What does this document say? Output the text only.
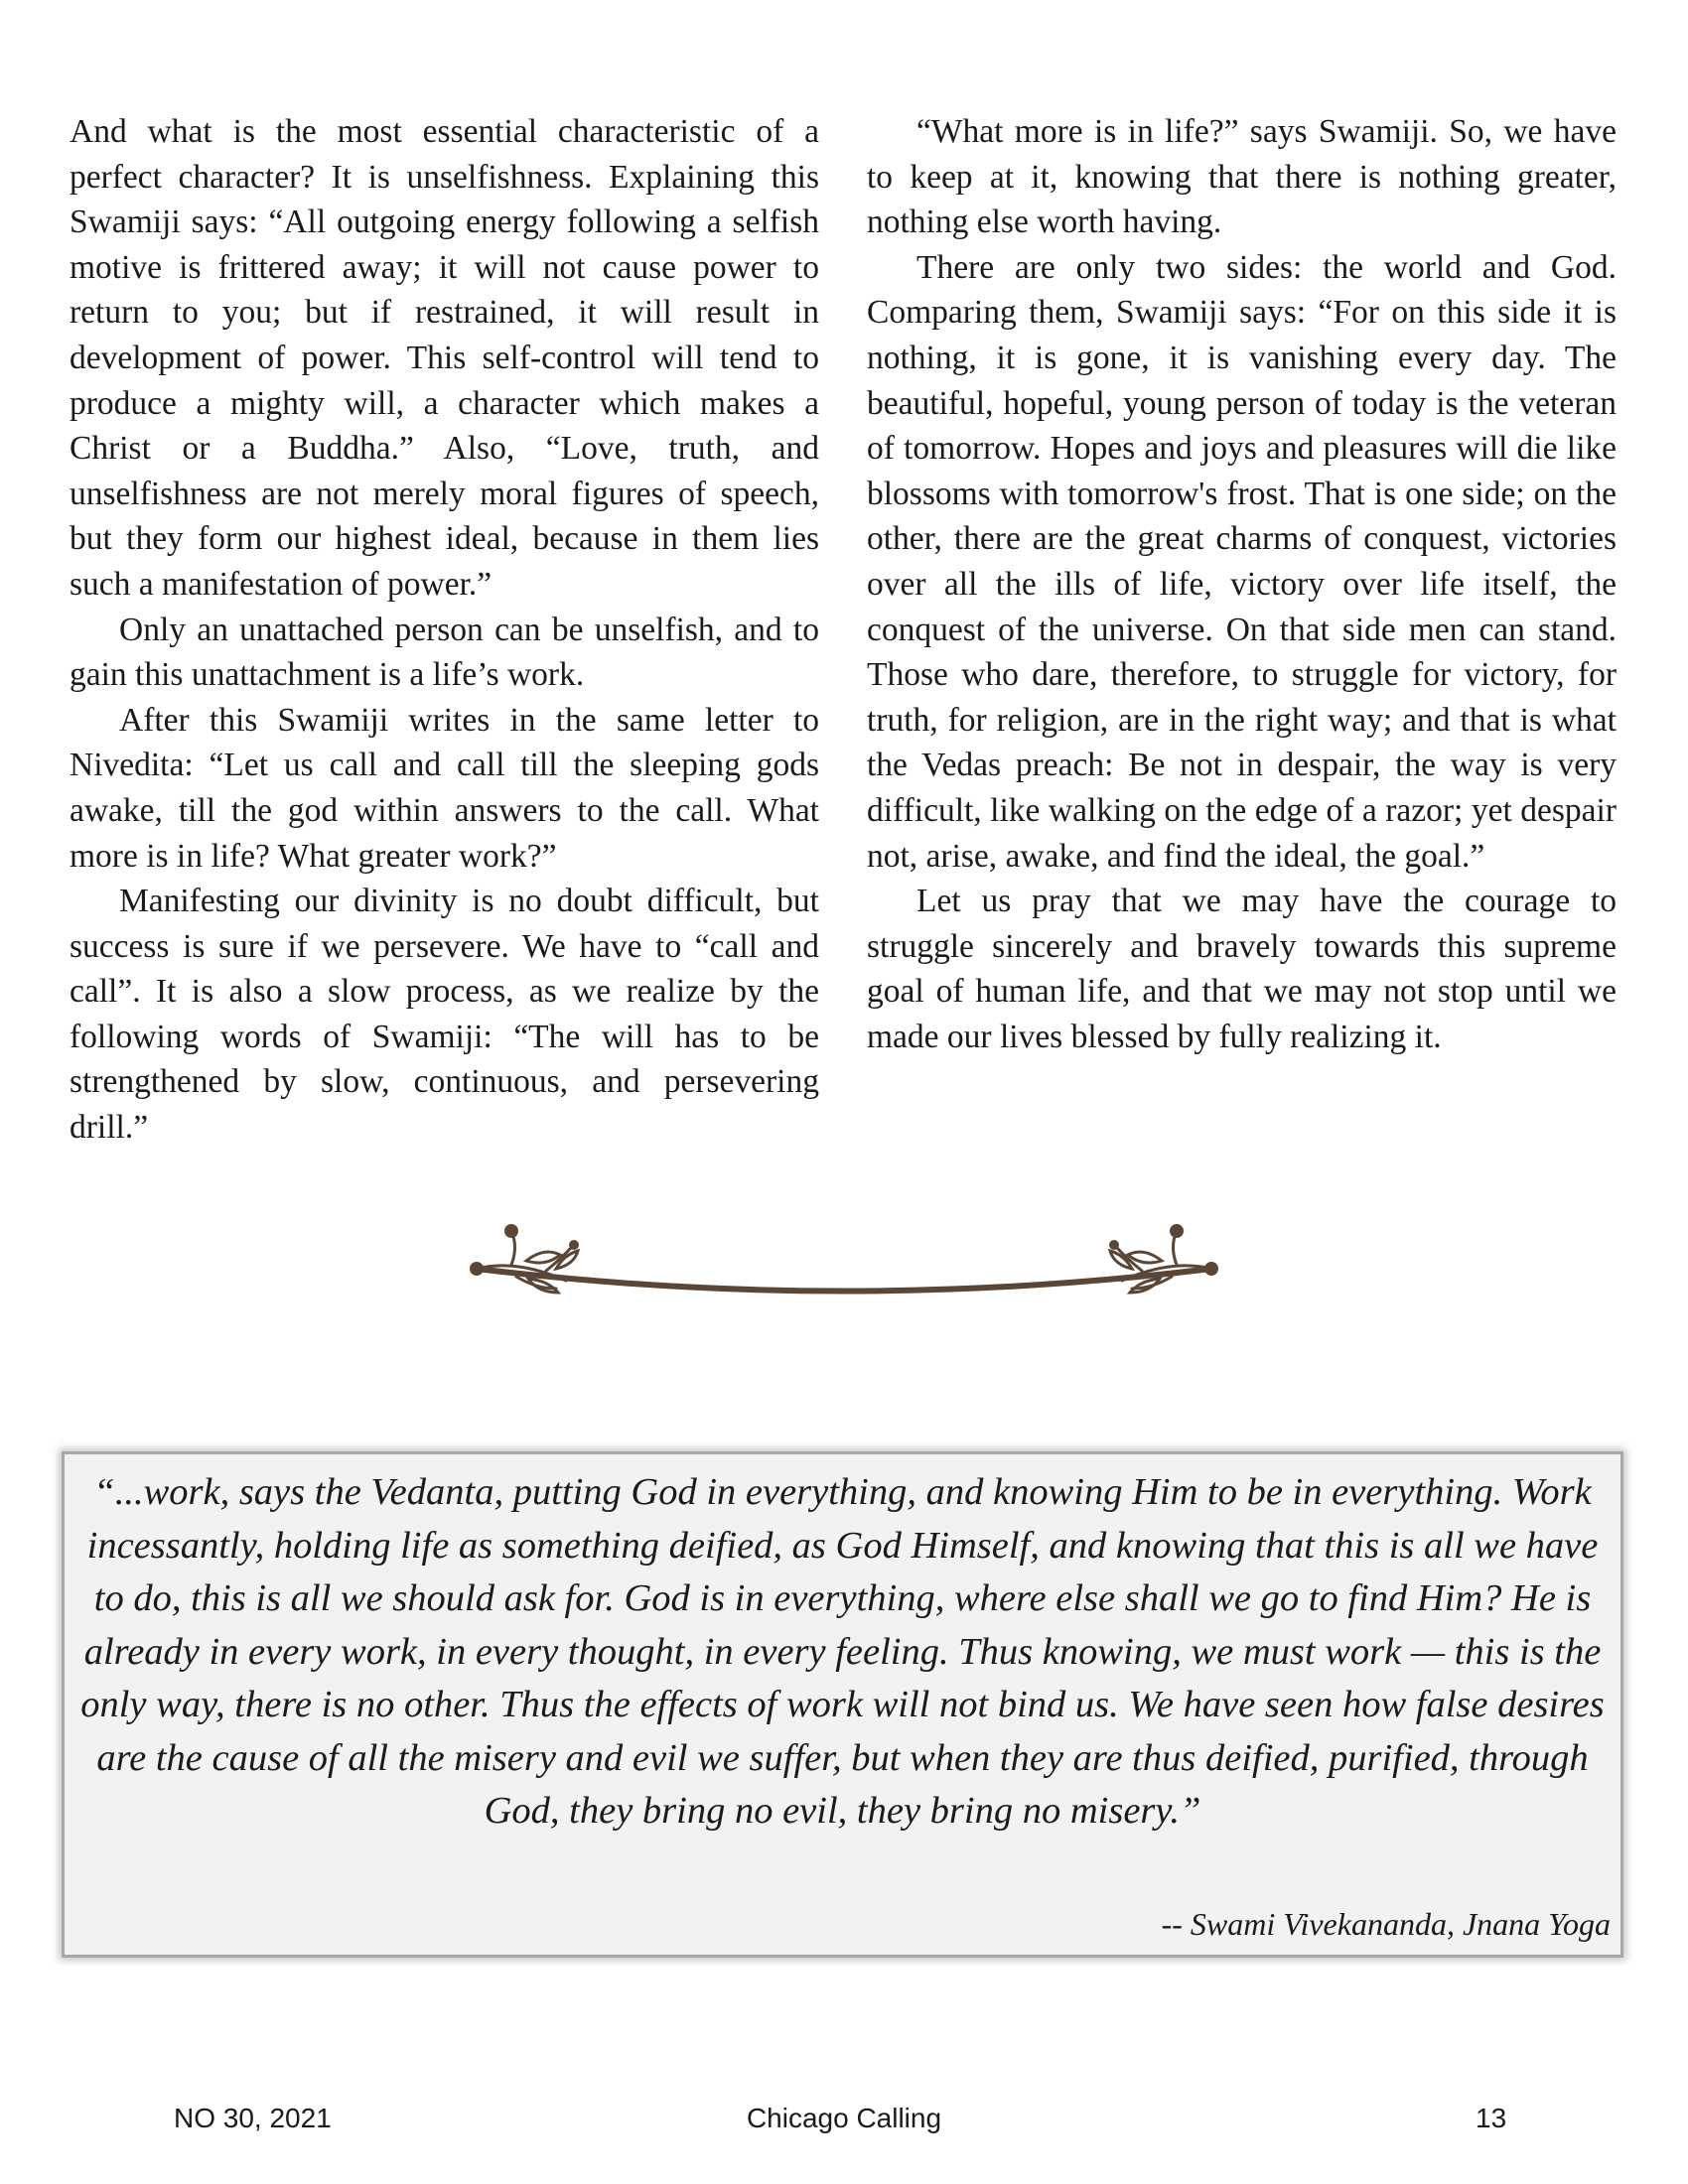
And what is the most essential characteristic of a perfect character? It is unselfishness. Explaining this Swamiji says: “All outgoing energy following a selfish motive is frittered away; it will not cause power to return to you; but if restrained, it will result in development of power. This self-control will tend to produce a mighty will, a character which makes a Christ or a Buddha.” Also, “Love, truth, and unselfishness are not merely moral figures of speech, but they form our highest ideal, because in them lies such a manifestation of power.”

Only an unattached person can be unselfish, and to gain this unattachment is a life’s work.

After this Swamiji writes in the same letter to Nivedita: “Let us call and call till the sleeping gods awake, till the god within answers to the call. What more is in life? What greater work?”

Manifesting our divinity is no doubt difficult, but success is sure if we persevere. We have to “call and call”. It is also a slow process, as we realize by the following words of Swamiji: “The will has to be strengthened by slow, continuous, and persevering drill.”

“What more is in life?” says Swamiji. So, we have to keep at it, knowing that there is nothing greater, nothing else worth having.

There are only two sides: the world and God. Comparing them, Swamiji says: “For on this side it is nothing, it is gone, it is vanishing every day. The beautiful, hopeful, young person of today is the veteran of tomorrow. Hopes and joys and pleasures will die like blossoms with tomorrow's frost. That is one side; on the other, there are the great charms of conquest, victories over all the ills of life, victory over life itself, the conquest of the universe. On that side men can stand. Those who dare, therefore, to struggle for victory, for truth, for religion, are in the right way; and that is what the Vedas preach: Be not in despair, the way is very difficult, like walking on the edge of a razor; yet despair not, arise, awake, and find the ideal, the goal.”

Let us pray that we may have the courage to struggle sincerely and bravely towards this supreme goal of human life, and that we may not stop until we made our lives blessed by fully realizing it.

“...work, says the Vedanta, putting God in everything, and knowing Him to be in everything. Work incessantly, holding life as something deified, as God Himself, and knowing that this is all we have to do, this is all we should ask for. God is in everything, where else shall we go to find Him? He is already in every work, in every thought, in every feeling. Thus knowing, we must work — this is the only way, there is no other. Thus the effects of work will not bind us. We have seen how false desires are the cause of all the misery and evil we suffer, but when they are thus deified, purified, through God, they bring no evil, they bring no misery.”

-- Swami Vivekananda, Jnana Yoga
NO 30, 2021	Chicago Calling	13
